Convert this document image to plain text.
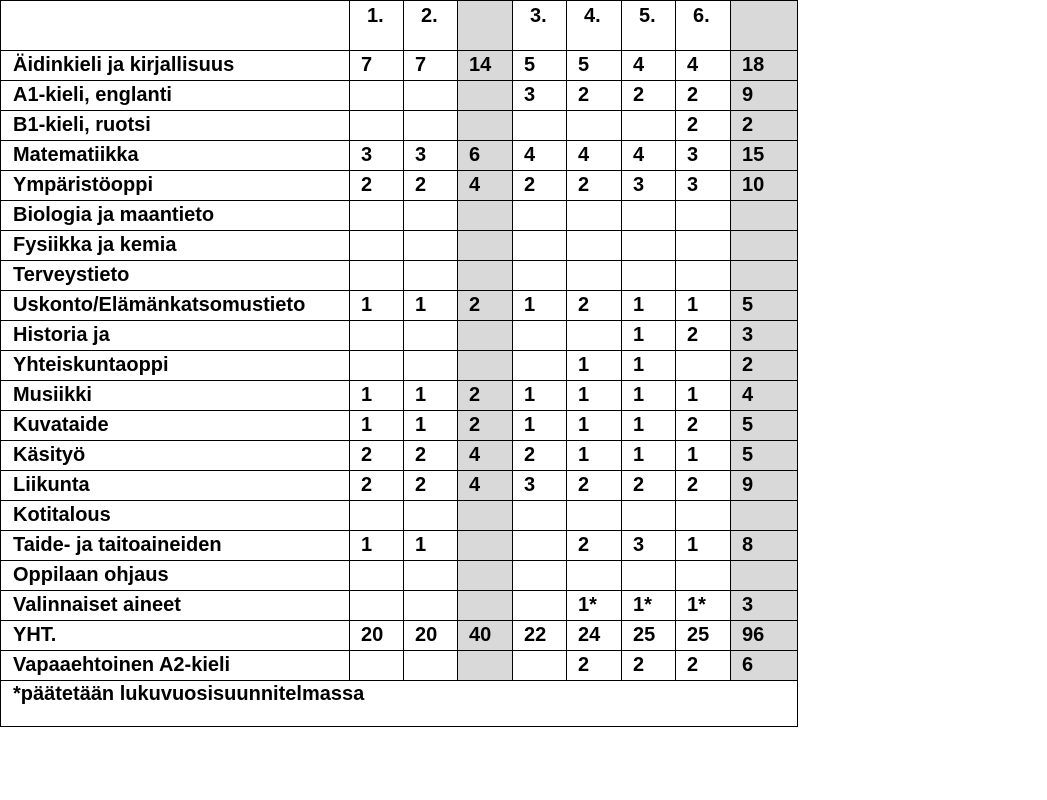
	1.	2.		3.	4.	5.	6.	
Äidinkieli ja kirjallisuus	7	7	14	5	5	4	4	18
A1-kieli, englanti				3	2	2	2	9
B1-kieli, ruotsi							2	2
Matematiikka	3	3	6	4	4	4	3	15
Ympäristöoppi	2	2	4	2	2	3	3	10
Biologia ja maantieto								
Fysiikka ja kemia								
Terveystieto								
Uskonto/Elämänkatsomustieto	1	1	2	1	2	1	1	5
Historia ja						1	2	3
Yhteiskuntaoppi					1	1		2
Musiikki	1	1	2	1	1	1	1	4
Kuvataide	1	1	2	1	1	1	2	5
Käsityö	2	2	4	2	1	1	1	5
Liikunta	2	2	4	3	2	2	2	9
Kotitalous								
Taide- ja taitoaineiden	1	1			2	3	1	8
Oppilaan ohjaus								
Valinnaiset aineet					1*	1*	1*	3
YHT.	20	20	40	22	24	25	25	96
Vapaaehtoinen A2-kieli					2	2	2	6
*päätetään lukuvuosisuunnitelmassa								
